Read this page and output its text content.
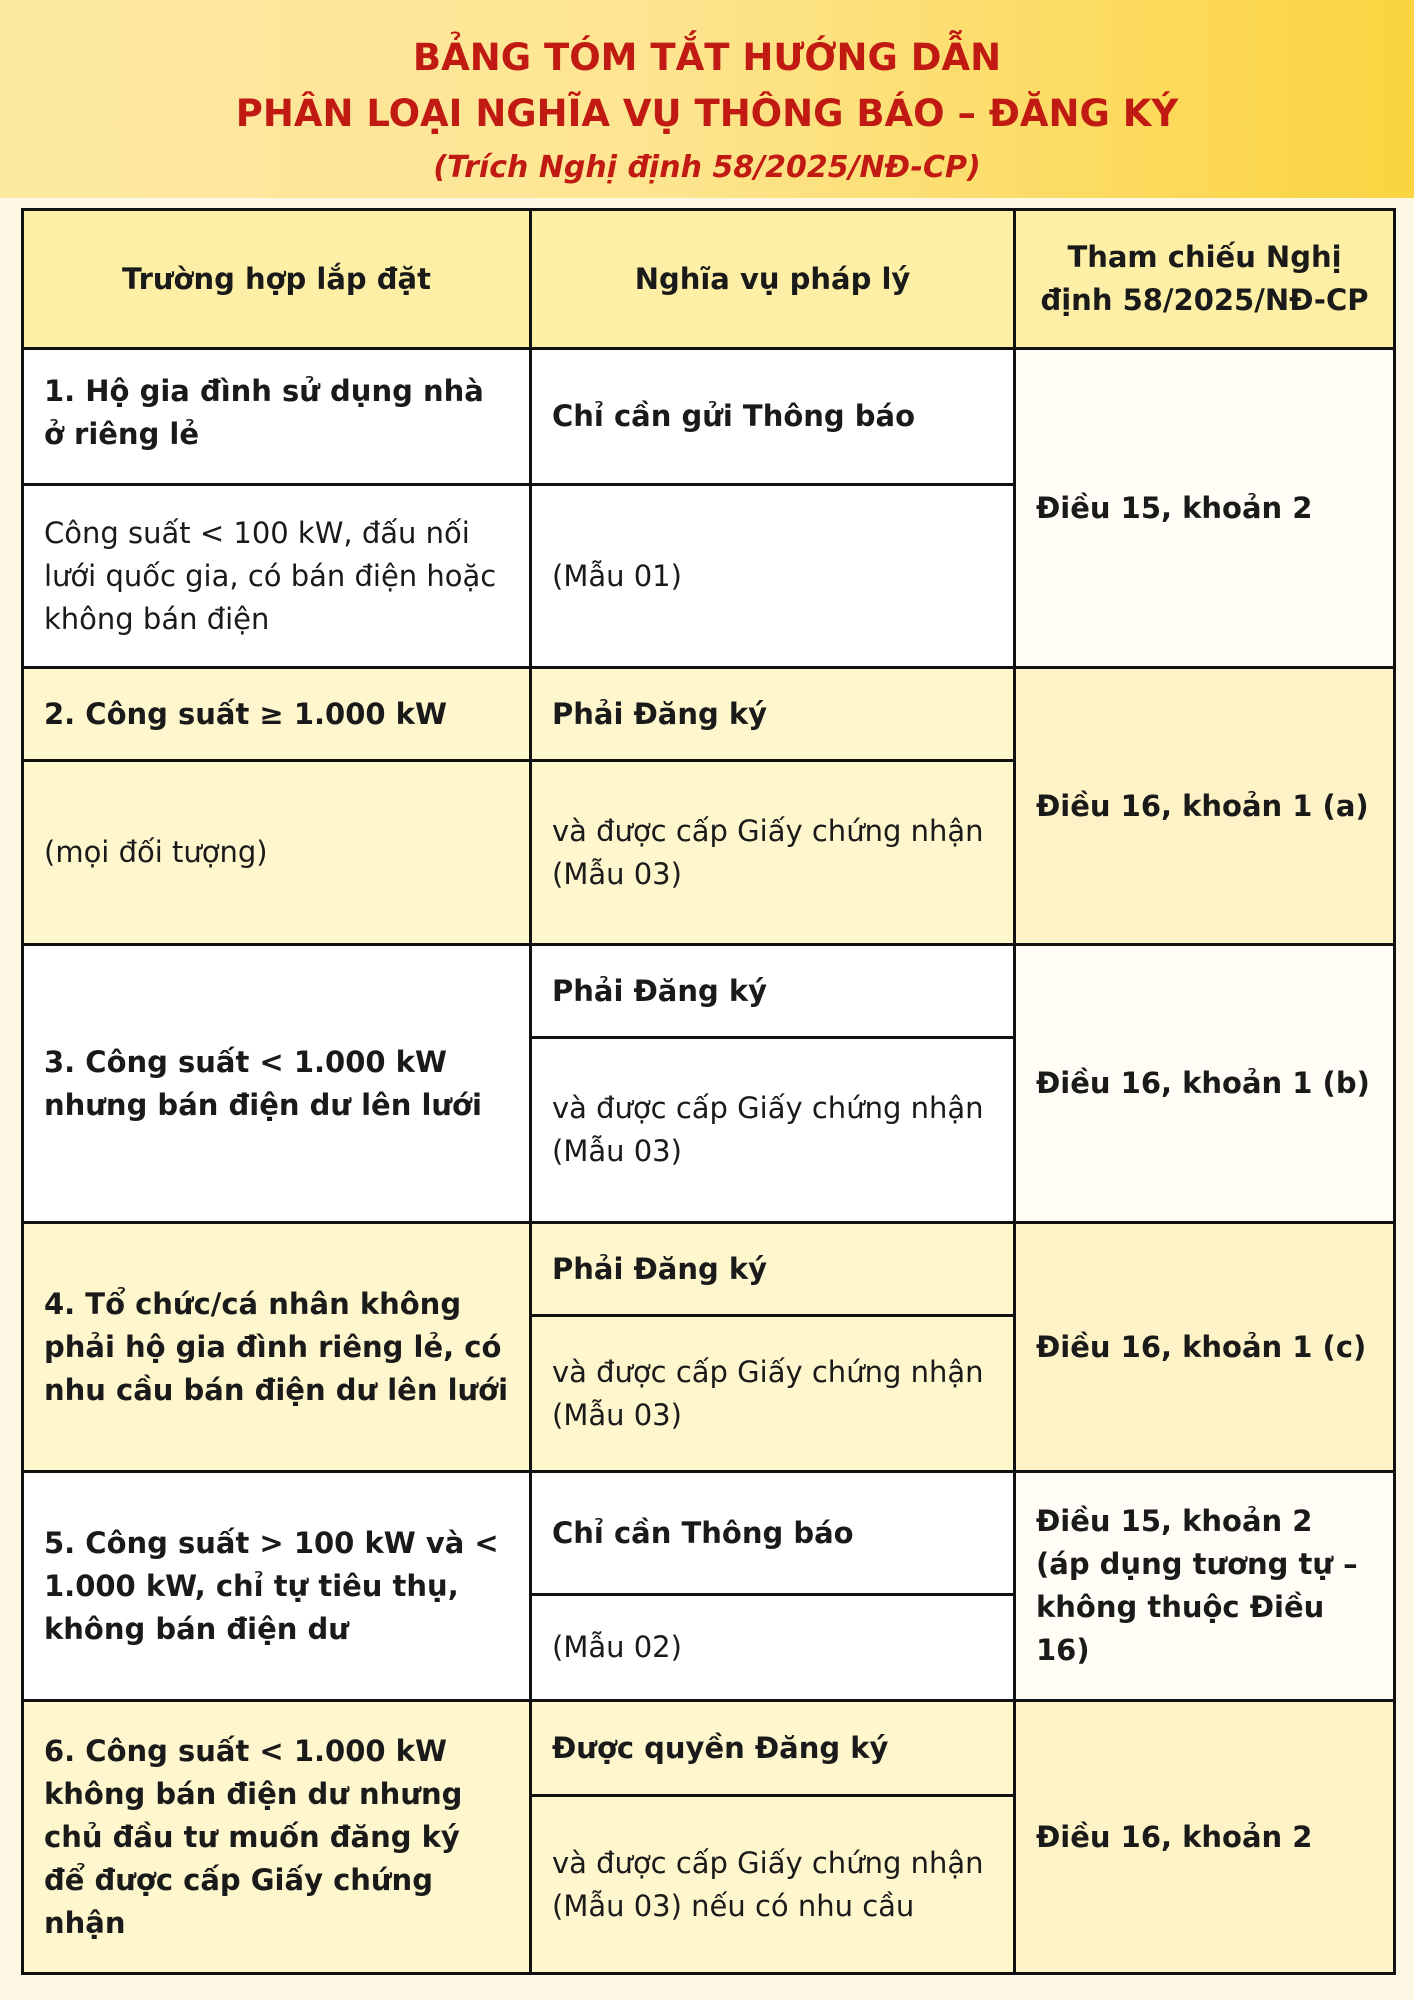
BẢNG TÓM TẮT HƯỚNG DẪN
PHÂN LOẠI NGHĨA VỤ THÔNG BÁO – ĐĂNG KÝ
(Trích Nghị định 58/2025/NĐ-CP)
Trường hợp lắp đặt	Nghĩa vụ pháp lý	Tham chiếu Nghị định 58/2025/NĐ-CP
1. Hộ gia đình sử dụng nhà ở riêng lẻ	Chỉ cần gửi Thông báo	Điều 15, khoản 2
Công suất < 100 kW, đấu nối lưới quốc gia, có bán điện hoặc không bán điện	(Mẫu 01)	
2. Công suất ≥ 1.000 kW	Phải Đăng ký	Điều 16, khoản 1 (a)
(mọi đối tượng)	và được cấp Giấy chứng nhận (Mẫu 03)	
3. Công suất < 1.000 kW nhưng bán điện dư lên lưới	Phải Đăng ký	Điều 16, khoản 1 (b)
	và được cấp Giấy chứng nhận (Mẫu 03)	
4. Tổ chức/cá nhân không phải hộ gia đình riêng lẻ, có nhu cầu bán điện dư lên lưới	Phải Đăng ký	Điều 16, khoản 1 (c)
	và được cấp Giấy chứng nhận (Mẫu 03)	
5. Công suất > 100 kW và < 1.000 kW, chỉ tự tiêu thụ, không bán điện dư	Chỉ cần Thông báo	Điều 15, khoản 2 (áp dụng tương tự – không thuộc Điều 16)
	(Mẫu 02)	
6. Công suất < 1.000 kW không bán điện dư nhưng chủ đầu tư muốn đăng ký để được cấp Giấy chứng nhận	Được quyền Đăng ký	Điều 16, khoản 2
	và được cấp Giấy chứng nhận (Mẫu 03) nếu có nhu cầu	
